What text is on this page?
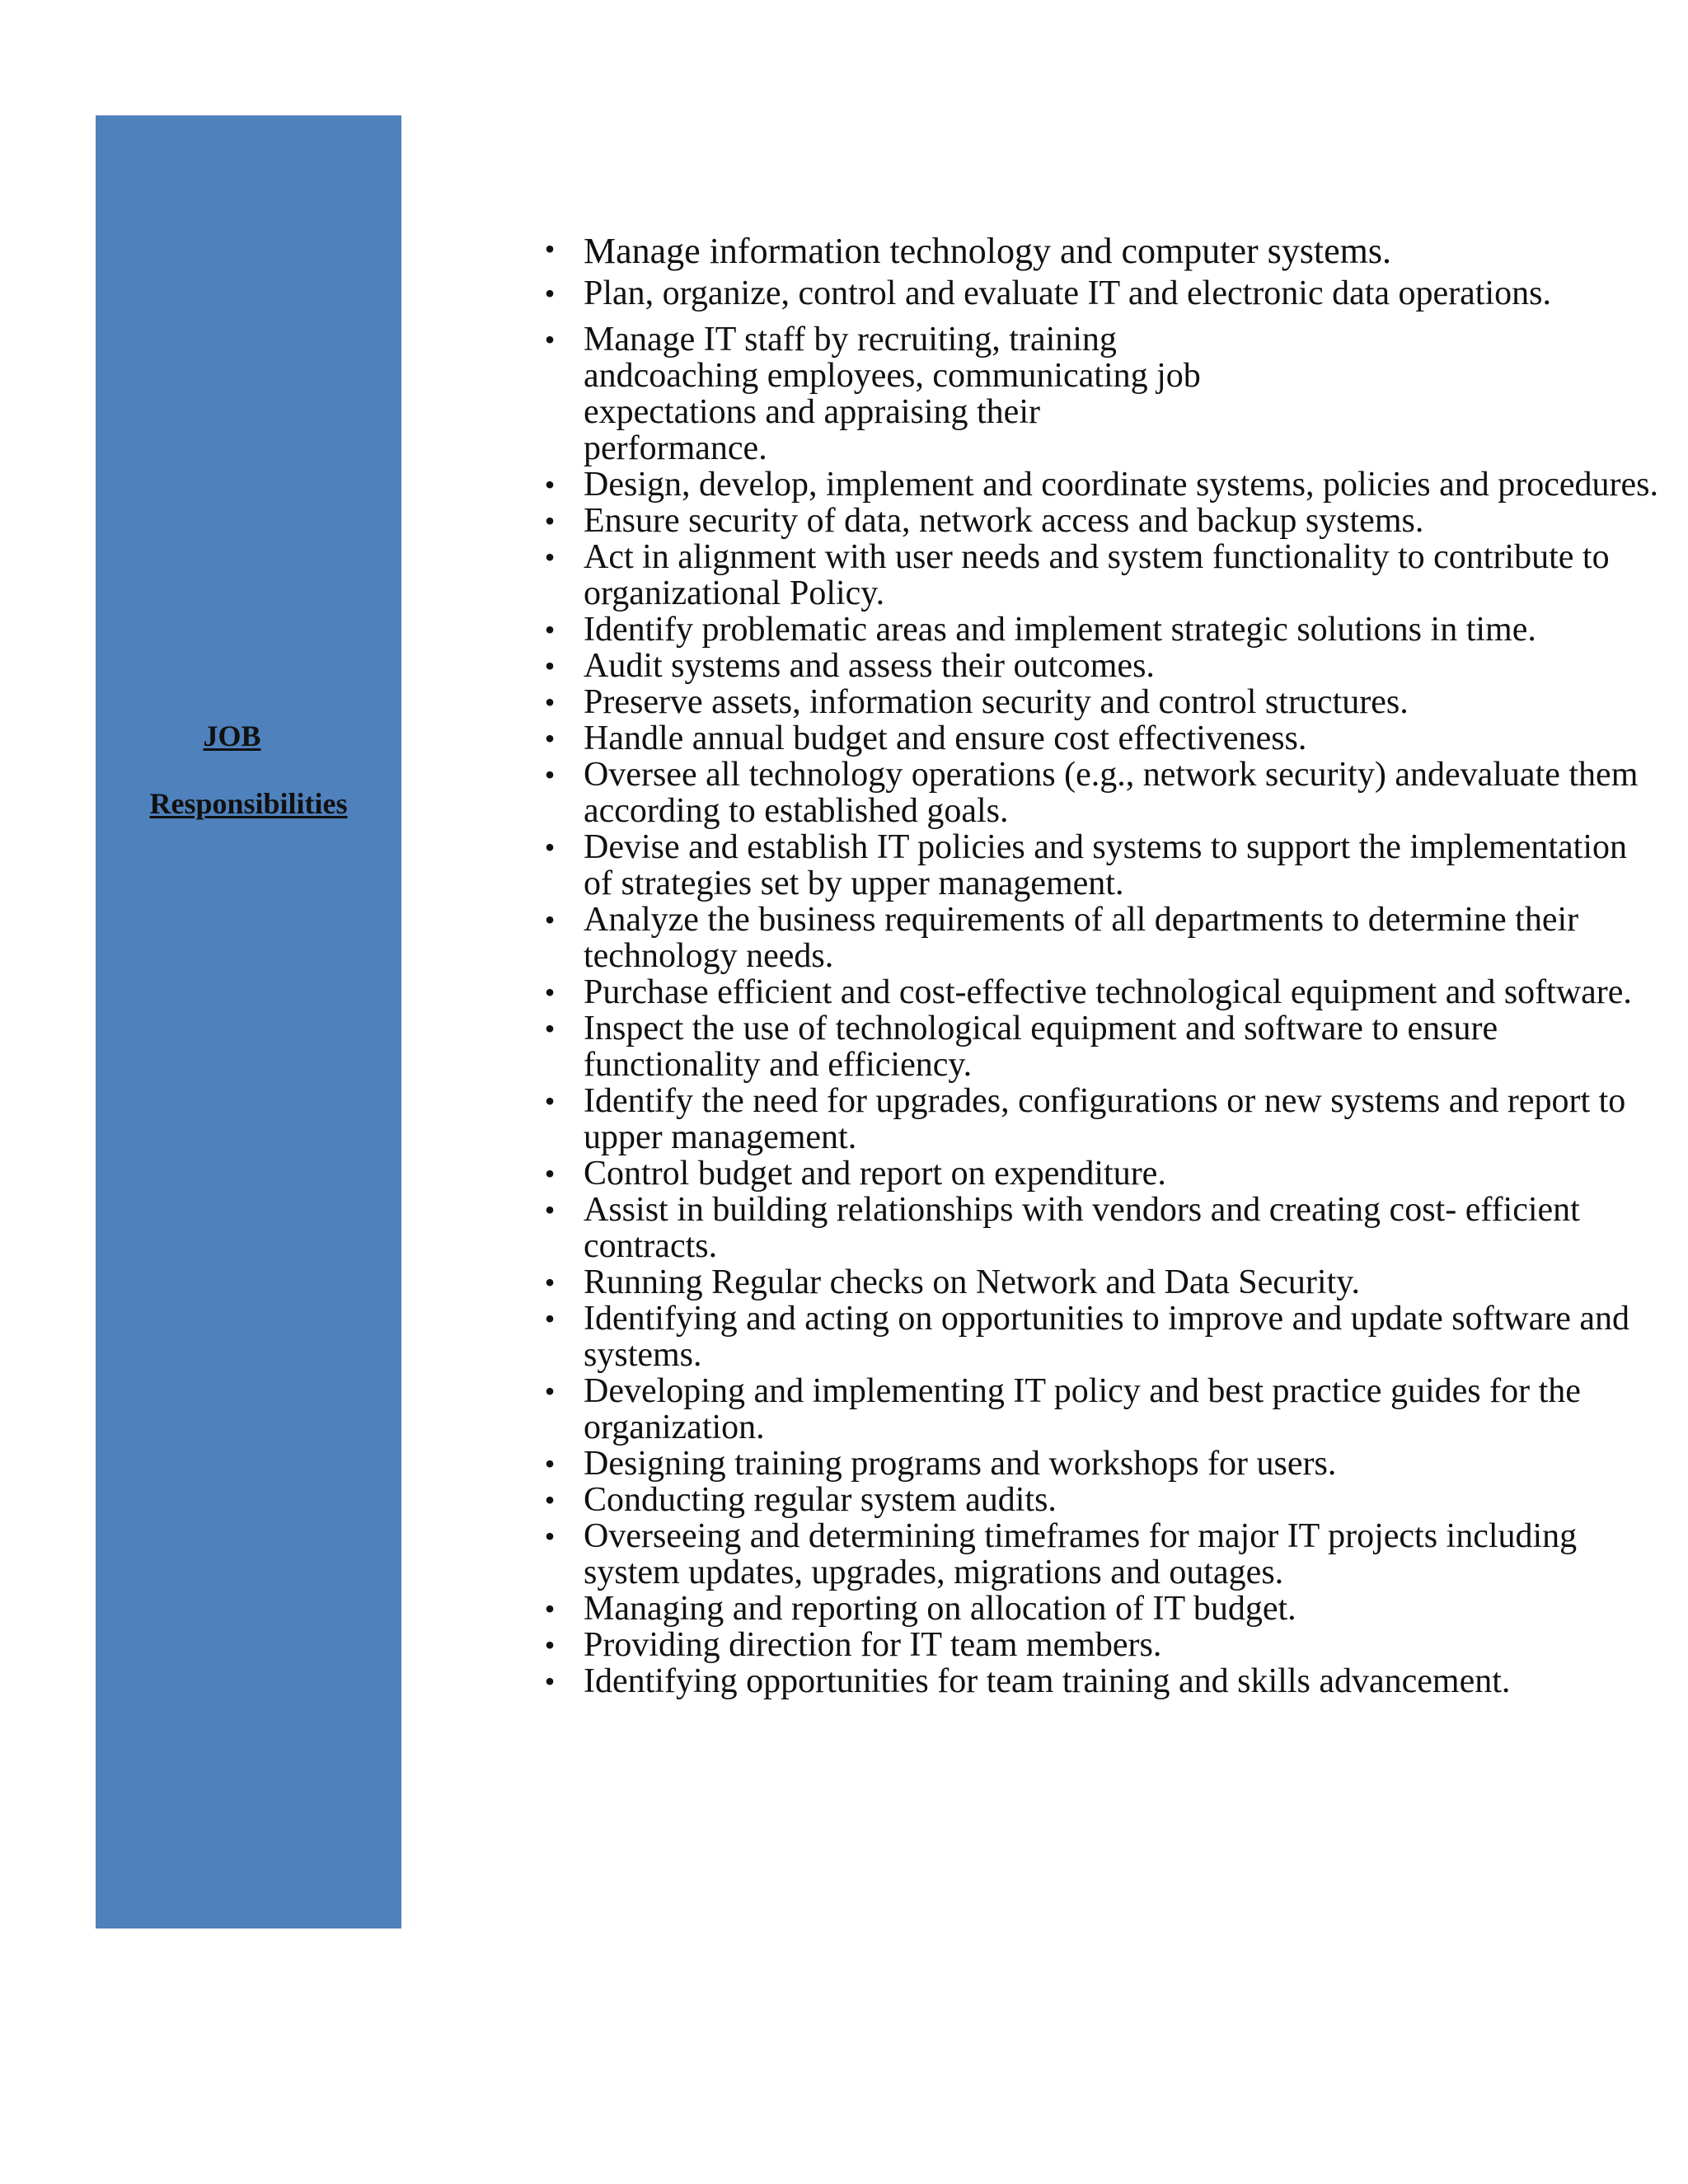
JOB
Responsibilities
• Manage information technology and computer systems.
• Plan, organize, control and evaluate IT and electronic data operations.
• Manage IT staff by recruiting, training andcoaching employees, communicating job expectations and appraising their performance.
• Design, develop, implement and coordinate systems, policies and procedures.
• Ensure security of data, network access and backup systems.
• Act in alignment with user needs and system functionality to contribute to organizational Policy.
• Identify problematic areas and implement strategic solutions in time.
• Audit systems and assess their outcomes.
• Preserve assets, information security and control structures.
• Handle annual budget and ensure cost effectiveness.
• Oversee all technology operations (e.g., network security) andevaluate them according to established goals.
• Devise and establish IT policies and systems to support the implementation of strategies set by upper management.
• Analyze the business requirements of all departments to determine their technology needs.
• Purchase efficient and cost-effective technological equipment and software.
• Inspect the use of technological equipment and software to ensure functionality and efficiency.
• Identify the need for upgrades, configurations or new systems and report to upper management.
• Control budget and report on expenditure.
• Assist in building relationships with vendors and creating cost- efficient contracts.
• Running Regular checks on Network and Data Security.
• Identifying and acting on opportunities to improve and update software and systems.
• Developing and implementing IT policy and best practice guides for the organization.
• Designing training programs and workshops for users.
• Conducting regular system audits.
• Overseeing and determining timeframes for major IT projects including system updates, upgrades, migrations and outages.
• Managing and reporting on allocation of IT budget.
• Providing direction for IT team members.
• Identifying opportunities for team training and skills advancement.
